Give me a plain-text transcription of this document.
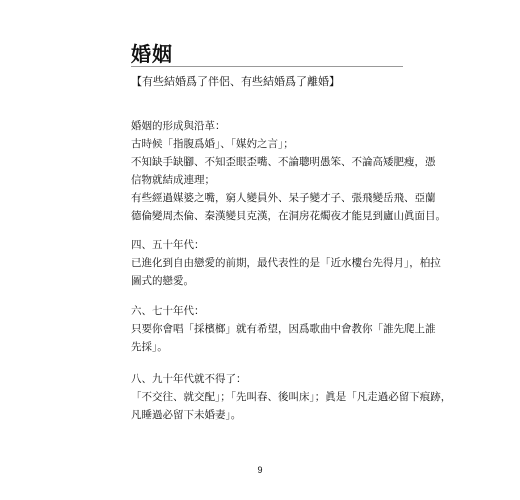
婚姻

【有些結婚爲了伴侶、有些結婚爲了離婚】

婚姻的形成與沿革：
古時候「指腹爲婚」、「媒妁之言」；
不知缺手缺腳、不知歪眼歪嘴、不論聰明愚笨、不論高矮肥瘦，憑
信物就結成連理；
有些經過媒婆之嘴，窮人變員外、呆子變才子、張飛變岳飛、亞蘭
德倫變周杰倫、秦漢變貝克漢，在洞房花燭夜才能見到廬山眞面目。
四、五十年代：
已進化到自由戀愛的前期，最代表性的是「近水樓台先得月」，柏拉
圖式的戀愛。
六、七十年代：
只要你會唱「採檳榔」就有希望，因爲歌曲中會教你「誰先爬上誰
先採」。
八、九十年代就不得了：
「不交往、就交配」；「先叫春、後叫床」；眞是「凡走過必留下痕跡，
凡睡過必留下未婚妻」。
9
